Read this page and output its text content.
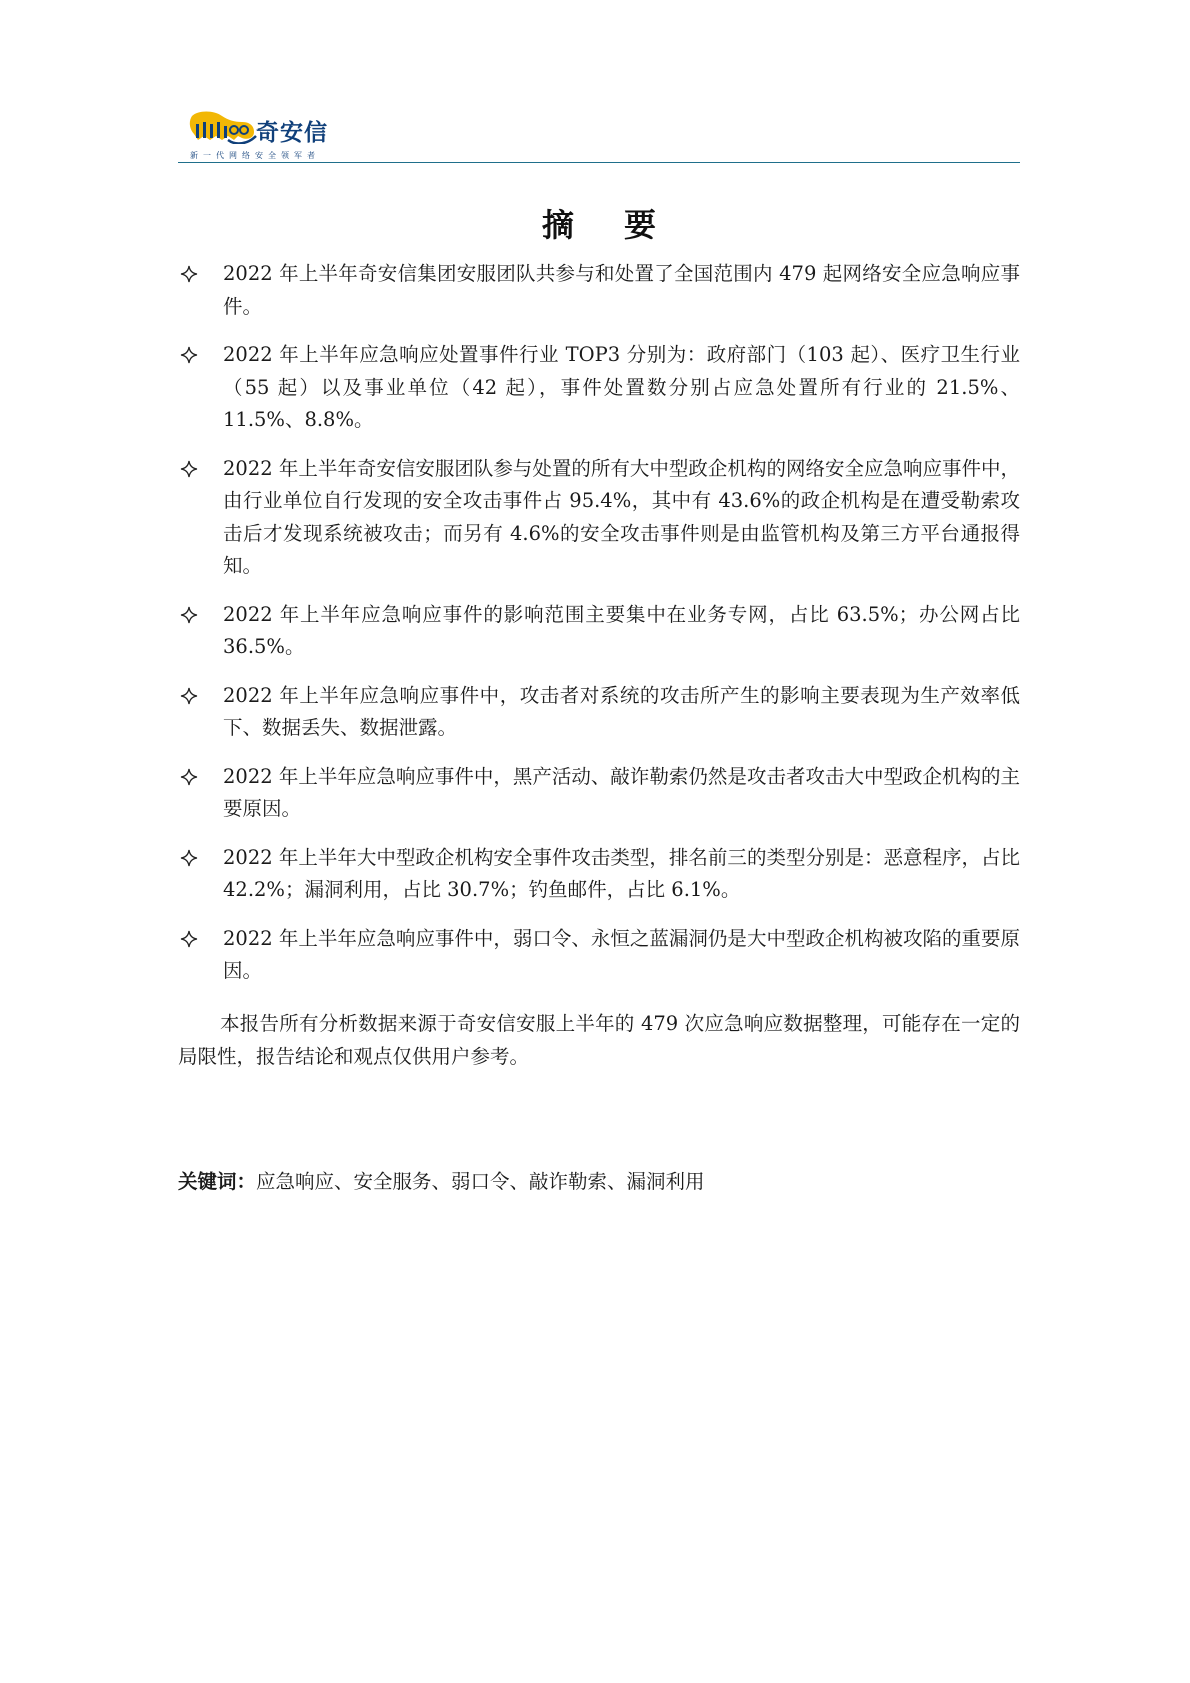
奇安信
新一代网络安全领军者
摘要
2022 年上半年奇安信集团安服团队共参与和处置了全国范围内 479 起网络安全应急响应事件。
2022 年上半年应急响应处置事件行业 TOP3 分别为：政府部门（103 起）、医疗卫生行业（55 起）以及事业单位（42 起），事件处置数分别占应急处置所有行业的 21.5%、11.5%、8.8%。
2022 年上半年奇安信安服团队参与处置的所有大中型政企机构的网络安全应急响应事件中，由行业单位自行发现的安全攻击事件占 95.4%，其中有 43.6%的政企机构是在遭受勒索攻击后才发现系统被攻击；而另有 4.6%的安全攻击事件则是由监管机构及第三方平台通报得知。
2022 年上半年应急响应事件的影响范围主要集中在业务专网，占比 63.5%；办公网占比 36.5%。
2022 年上半年应急响应事件中，攻击者对系统的攻击所产生的影响主要表现为生产效率低下、数据丢失、数据泄露。
2022 年上半年应急响应事件中，黑产活动、敲诈勒索仍然是攻击者攻击大中型政企机构的主要原因。
2022 年上半年大中型政企机构安全事件攻击类型，排名前三的类型分别是：恶意程序，占比 42.2%；漏洞利用，占比 30.7%；钓鱼邮件，占比 6.1%。
2022 年上半年应急响应事件中，弱口令、永恒之蓝漏洞仍是大中型政企机构被攻陷的重要原因。
本报告所有分析数据来源于奇安信安服上半年的 479 次应急响应数据整理，可能存在一定的局限性，报告结论和观点仅供用户参考。
关键词：应急响应、安全服务、弱口令、敲诈勒索、漏洞利用
